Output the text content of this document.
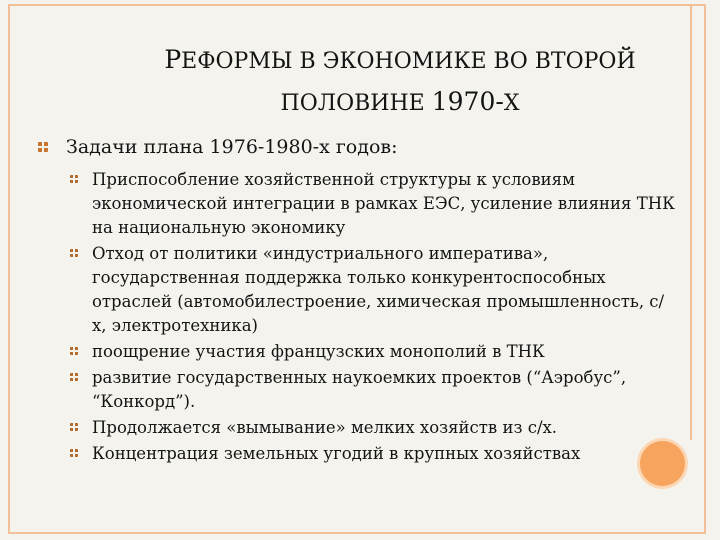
РЕФОРМЫ В ЭКОНОМИКЕ ВО ВТОРОЙ
ПОЛОВИНЕ 1970-Х
Задачи плана 1976-1980-х годов:
Приспособление хозяйственной структуры к условиям экономической интеграции в рамках ЕЭС, усиление влияния ТНК на национальную экономику
Отход от политики «индустриального императива», государственная поддержка только конкурентоспособных отраслей (автомобилестроение, химическая промышленность, с/х, электротехника)
поощрение участия французских монополий в ТНК
развитие государственных наукоемких проектов (“Аэробус”, “Конкорд”).
Продолжается «вымывание» мелких хозяйств из с/х.
Концентрация земельных угодий в крупных хозяйствах
